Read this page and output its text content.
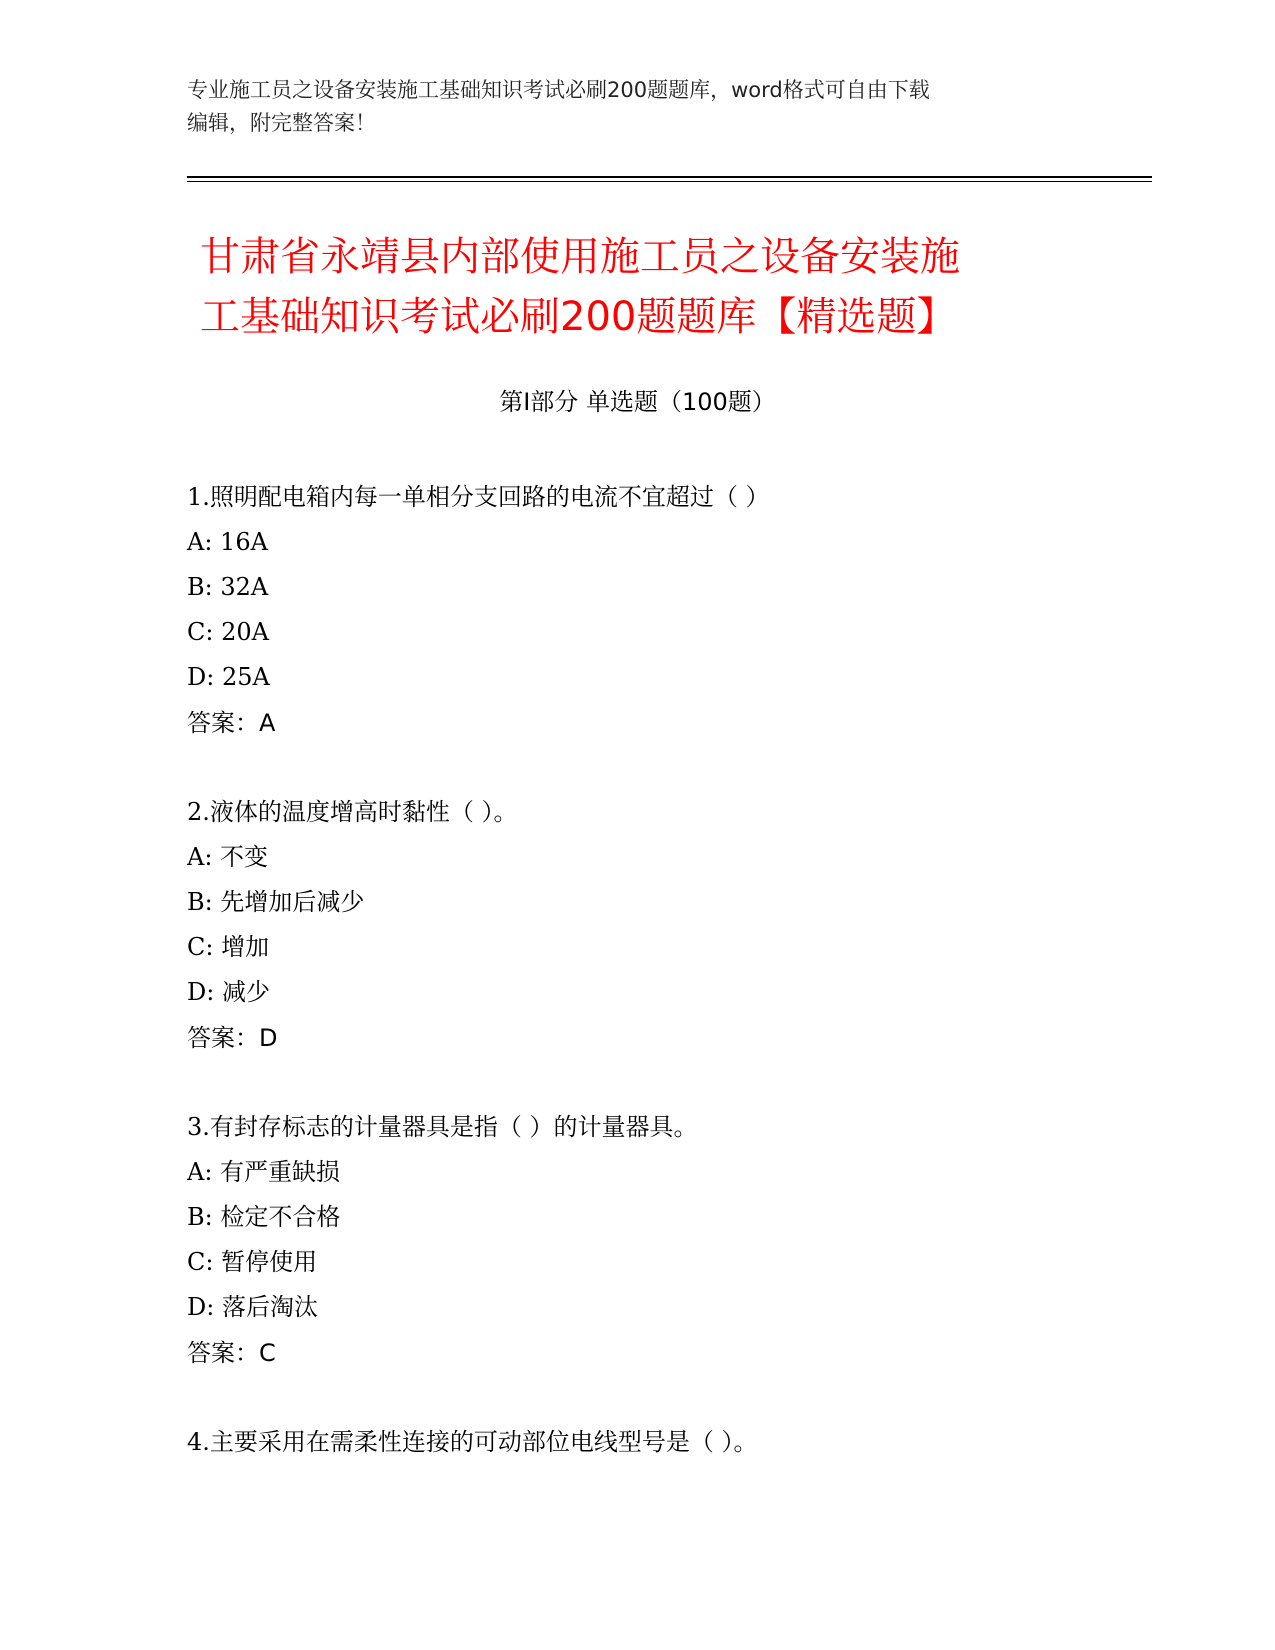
专业施工员之设备安装施工基础知识考试必刷200题题库，word格式可自由下载
编辑，附完整答案！
甘肃省永靖县内部使用施工员之设备安装施
工基础知识考试必刷200题题库【精选题】
第Ⅰ部分 单选题（100题）
1.照明配电箱内每一单相分支回路的电流不宜超过（ ）
A: 16A
B: 32A
C: 20A
D: 25A
答案：A
2.液体的温度增高时黏性（ ）。
A: 不变
B: 先增加后减少
C: 增加
D: 减少
答案：D
3.有封存标志的计量器具是指（ ）的计量器具。
A: 有严重缺损
B: 检定不合格
C: 暂停使用
D: 落后淘汰
答案：C
4.主要采用在需柔性连接的可动部位电线型号是（ ）。
